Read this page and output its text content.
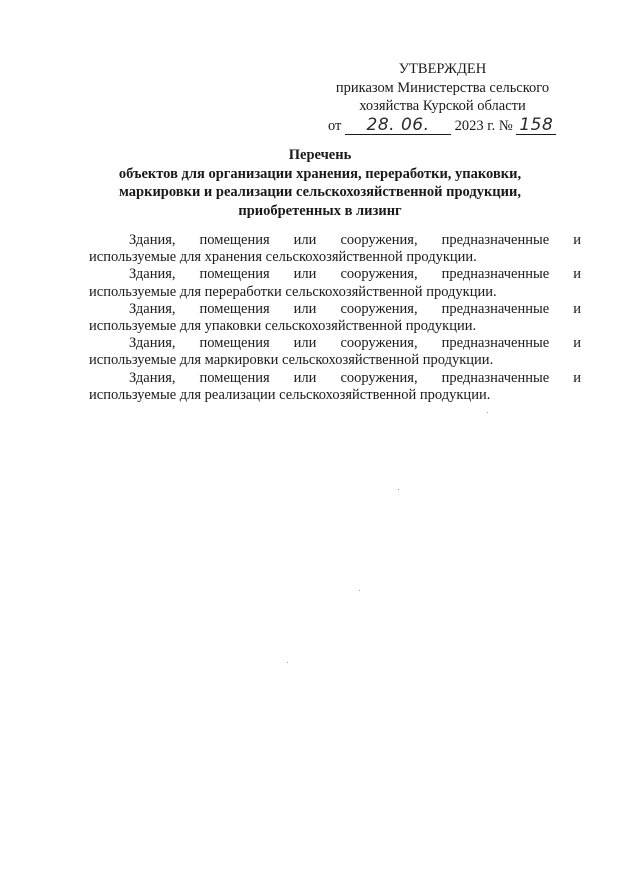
УТВЕРЖДЕН
приказом Министерства сельского
хозяйства Курской области
от 28. 06. 2023 г. № 158
Перечень
объектов для организации хранения, переработки, упаковки,
маркировки и реализации сельскохозяйственной продукции,
приобретенных в лизинг

Здания, помещения или сооружения, предназначенные и
используемые для хранения сельскохозяйственной продукции.

Здания, помещения или сооружения, предназначенные и
используемые для переработки сельскохозяйственной продукции.

Здания, помещения или сооружения, предназначенные и
используемые для упаковки сельскохозяйственной продукции.

Здания, помещения или сооружения, предназначенные и
используемые для маркировки сельскохозяйственной продукции.

Здания, помещения или сооружения, предназначенные и
используемые для реализации сельскохозяйственной продукции.
